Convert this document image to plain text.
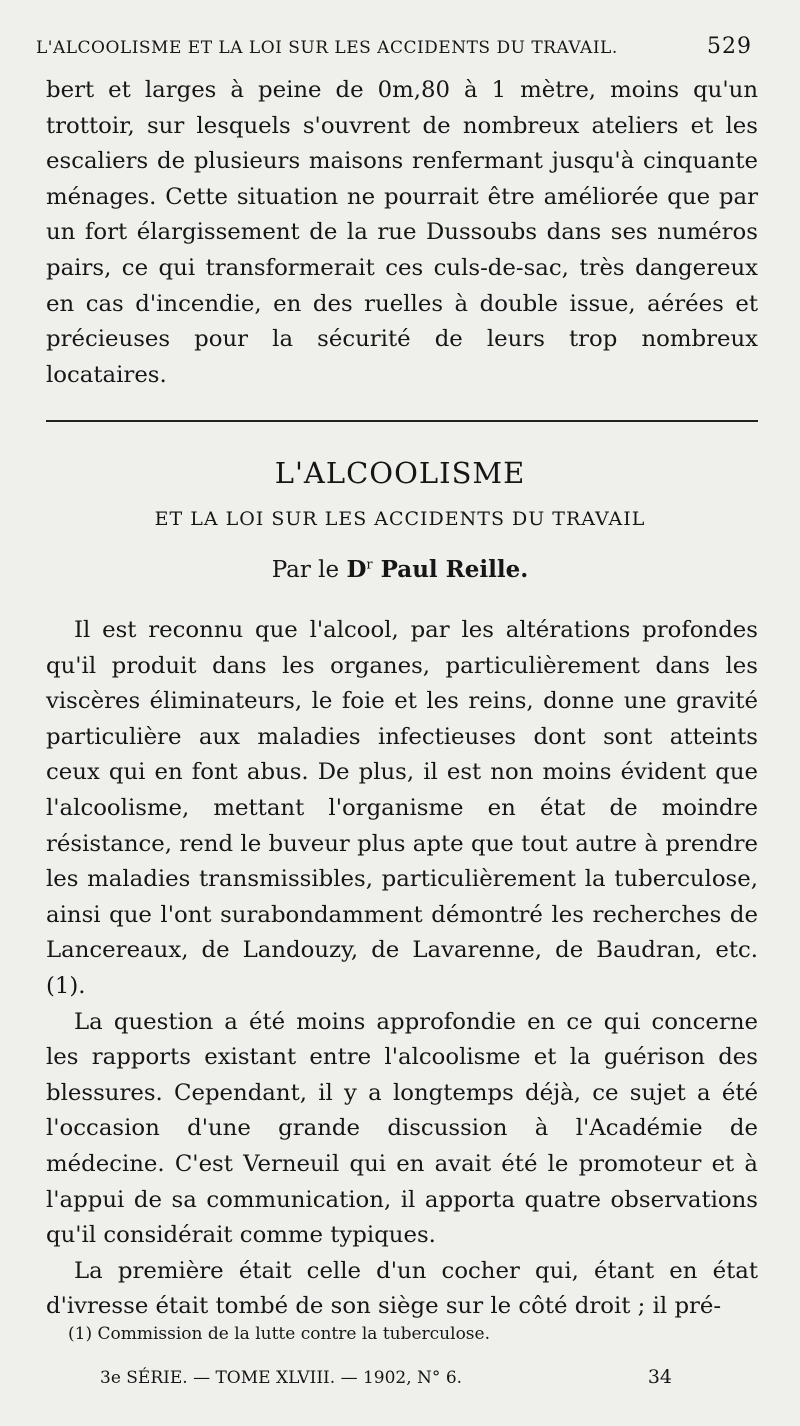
L'ALCOOLISME ET LA LOI SUR LES ACCIDENTS DU TRAVAIL.	529

bert et larges à peine de 0m,80 à 1 mètre, moins qu'un trottoir, sur lesquels s'ouvrent de nombreux ateliers et les escaliers de plusieurs maisons renfermant jusqu'à cinquante ménages. Cette situation ne pourrait être améliorée que par un fort élargissement de la rue Dussoubs dans ses numéros pairs, ce qui transformerait ces culs-de-sac, très dangereux en cas d'incendie, en des ruelles à double issue, aérées et précieuses pour la sécurité de leurs trop nombreux locataires.

L'ALCOOLISME
ET LA LOI SUR LES ACCIDENTS DU TRAVAIL
Par le $D^r$ Paul Reille.

Il est reconnu que l'alcool, par les altérations profondes qu'il produit dans les organes, particulièrement dans les viscères éliminateurs, le foie et les reins, donne une gravité particulière aux maladies infectieuses dont sont atteints ceux qui en font abus. De plus, il est non moins évident que l'alcoolisme, mettant l'organisme en état de moindre résistance, rend le buveur plus apte que tout autre à prendre les maladies transmissibles, particulièrement la tuberculose, ainsi que l'ont surabondamment démontré les recherches de Lancereaux, de Landouzy, de Lavarenne, de Baudran, etc. (1).

La question a été moins approfondie en ce qui concerne les rapports existant entre l'alcoolisme et la guérison des blessures. Cependant, il y a longtemps déjà, ce sujet a été l'occasion d'une grande discussion à l'Académie de médecine. C'est Verneuil qui en avait été le promoteur et à l'appui de sa communication, il apporta quatre observations qu'il considérait comme typiques.

La première était celle d'un cocher qui, étant en état d'ivresse était tombé de son siège sur le côté droit ; il pré-

(1) Commission de la lutte contre la tuberculose.
3e SÉRIE. — TOME XLVIII. — 1902, N° 6.	34
